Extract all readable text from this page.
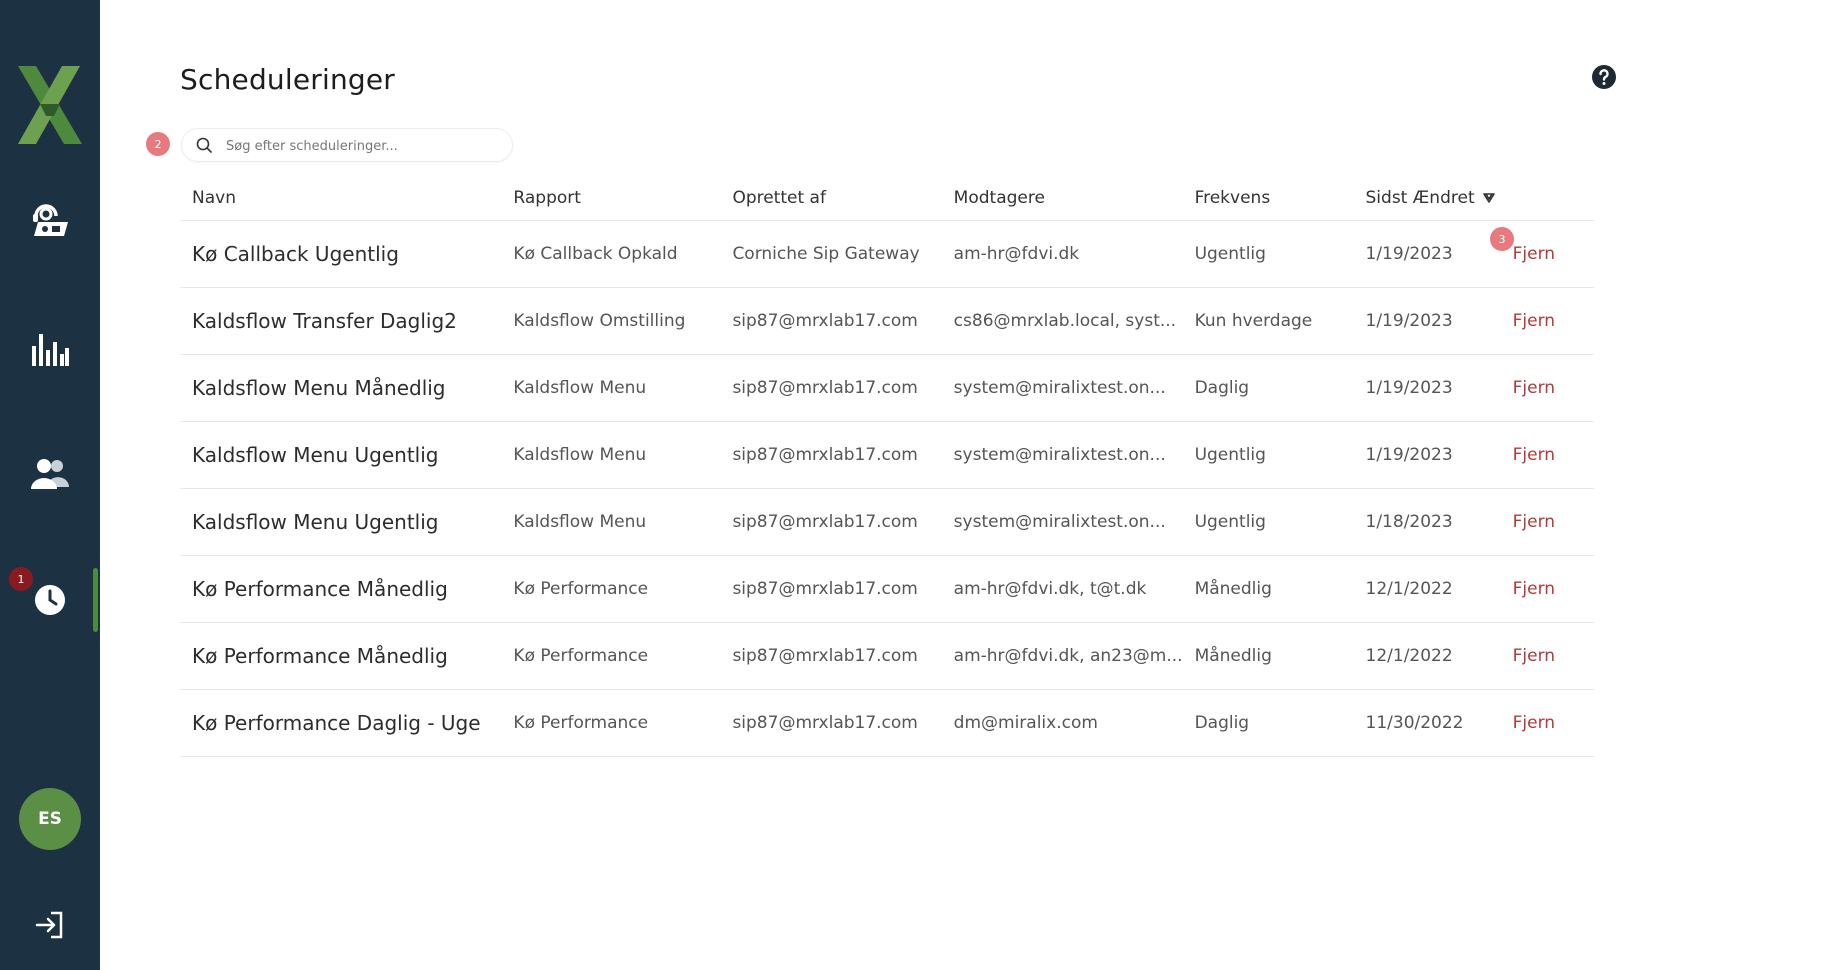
1
ES
Scheduleringer
2
Søg efter scheduleringer...
Navn	Rapport	Oprettet af	Modtagere	Frekvens	Sidst Ændret	
Kø Callback Ugentlig	Kø Callback Opkald	Corniche Sip Gateway	am-hr@fdvi.dk	Ugentlig	1/19/2023	Fjern
Kaldsflow Transfer Daglig2	Kaldsflow Omstilling	sip87@mrxlab17.com	cs86@mrxlab.local, syst...	Kun hverdage	1/19/2023	Fjern
Kaldsflow Menu Månedlig	Kaldsflow Menu	sip87@mrxlab17.com	system@miralixtest.on...	Daglig	1/19/2023	Fjern
Kaldsflow Menu Ugentlig	Kaldsflow Menu	sip87@mrxlab17.com	system@miralixtest.on...	Ugentlig	1/19/2023	Fjern
Kaldsflow Menu Ugentlig	Kaldsflow Menu	sip87@mrxlab17.com	system@miralixtest.on...	Ugentlig	1/18/2023	Fjern
Kø Performance Månedlig	Kø Performance	sip87@mrxlab17.com	am-hr@fdvi.dk, t@t.dk	Månedlig	12/1/2022	Fjern
Kø Performance Månedlig	Kø Performance	sip87@mrxlab17.com	am-hr@fdvi.dk, an23@m...	Månedlig	12/1/2022	Fjern
Kø Performance Daglig - Uge	Kø Performance	sip87@mrxlab17.com	dm@miralix.com	Daglig	11/30/2022	Fjern
3
